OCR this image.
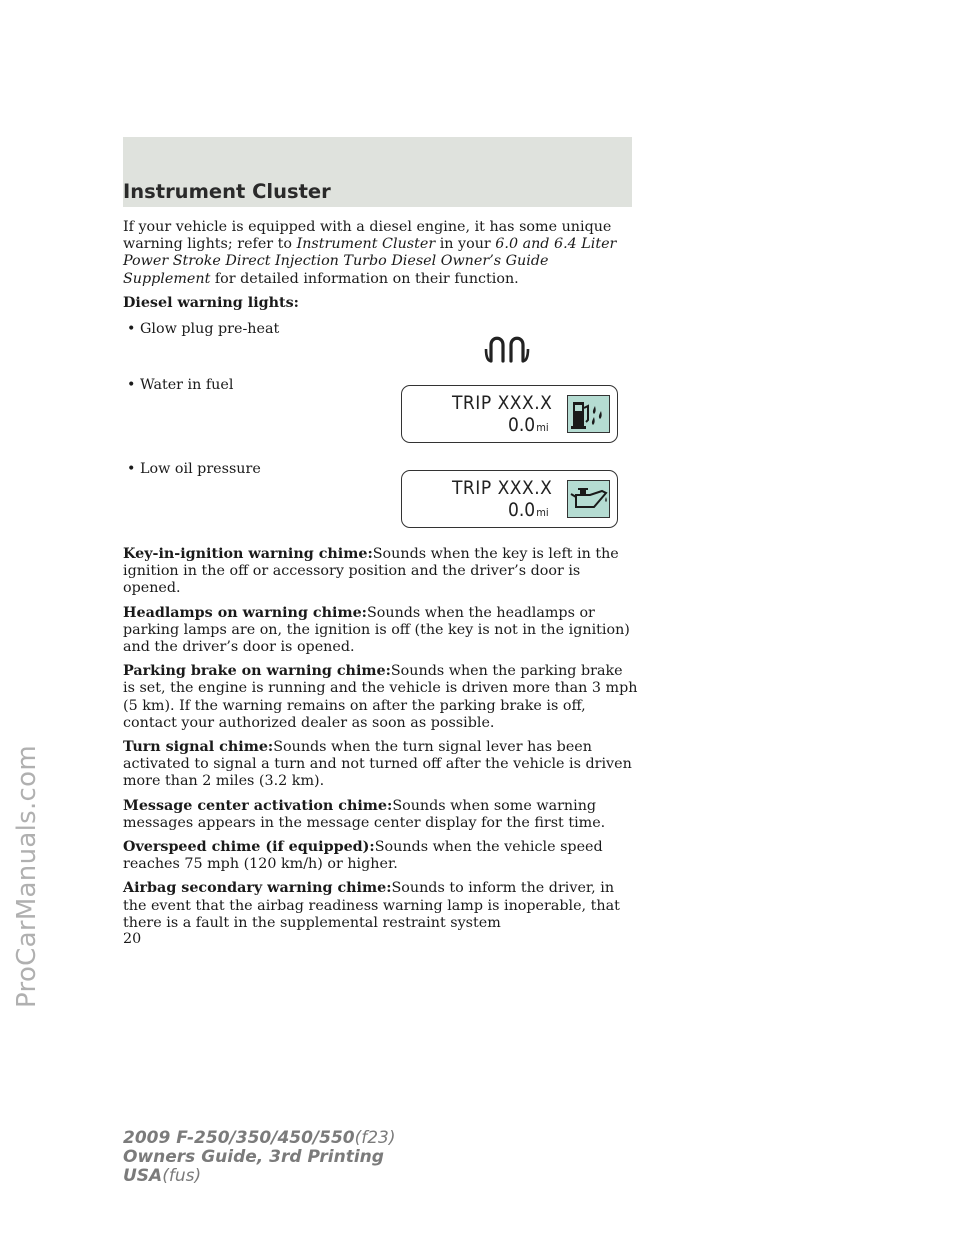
Instrument Cluster

If your vehicle is equipped with a diesel engine, it has some unique warning lights; refer to Instrument Cluster in your 6.0 and 6.4 Liter Power Stroke Direct Injection Turbo Diesel Owner’s Guide Supplement for detailed information on their function.

Diesel warning lights:

• Glow plug pre-heat
• Water in fuel
• Low oil pressure
TRIP XXX.X
0.0mi
TRIP XXX.X
0.0mi

Key-in-ignition warning chime:Sounds when the key is left in the ignition in the off or accessory position and the driver’s door is opened.

Headlamps on warning chime:Sounds when the headlamps or parking lamps are on, the ignition is off (the key is not in the ignition) and the driver’s door is opened.

Parking brake on warning chime:Sounds when the parking brake is set, the engine is running and the vehicle is driven more than 3 mph (5 km). If the warning remains on after the parking brake is off, contact your authorized dealer as soon as possible.

Turn signal chime:Sounds when the turn signal lever has been activated to signal a turn and not turned off after the vehicle is driven more than 2 miles (3.2 km).

Message center activation chime:Sounds when some warning messages appears in the message center display for the first time.

Overspeed chime (if equipped):Sounds when the vehicle speed reaches 75 mph (120 km/h) or higher.

Airbag secondary warning chime:Sounds to inform the driver, in the event that the airbag readiness warning lamp is inoperable, that there is a fault in the supplemental restraint system

20
2009 F-250/350/450/550(f23)
Owners Guide, 3rd Printing
USA(fus)
ProCarManuals.com
